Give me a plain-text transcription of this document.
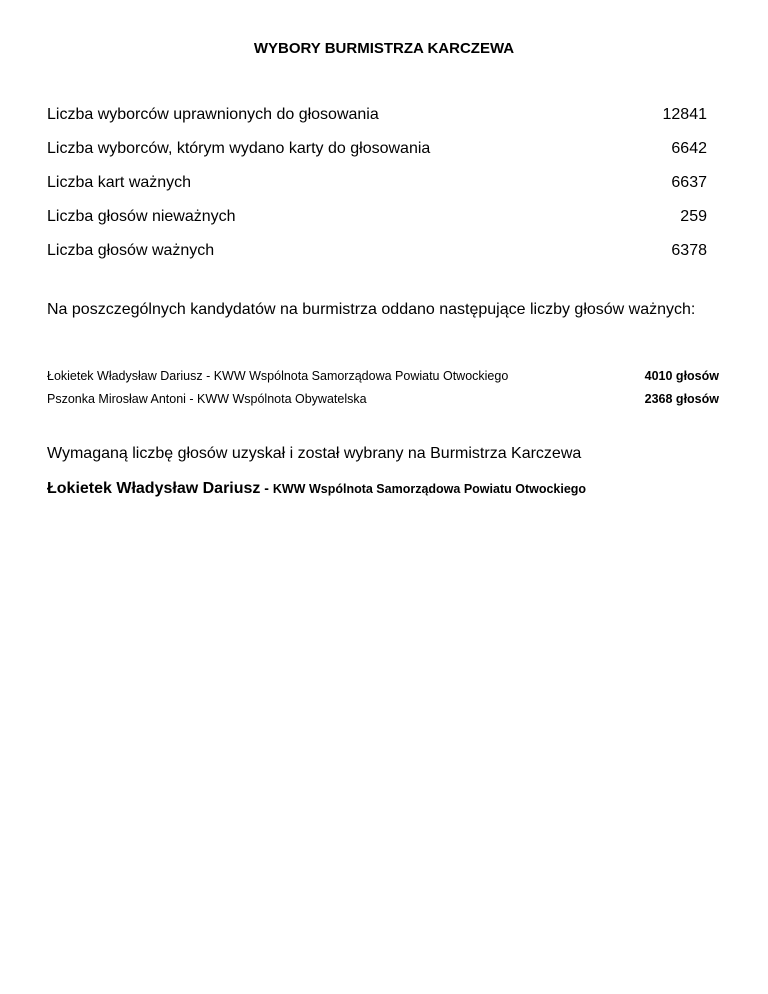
WYBORY BURMISTRZA KARCZEWA
Liczba wyborców uprawnionych do głosowania	12841
Liczba wyborców, którym wydano karty do głosowania	6642
Liczba kart ważnych	6637
Liczba głosów nieważnych	259
Liczba głosów ważnych	6378
Na poszczególnych kandydatów na burmistrza oddano następujące liczby głosów ważnych:
Łokietek Władysław Dariusz - KWW Wspólnota Samorządowa Powiatu Otwockiego	4010 głosów
Pszonka Mirosław Antoni - KWW Wspólnota Obywatelska	2368 głosów
Wymaganą liczbę głosów uzyskał i został wybrany na Burmistrza Karczewa
Łokietek Władysław Dariusz - KWW Wspólnota Samorządowa Powiatu Otwockiego
